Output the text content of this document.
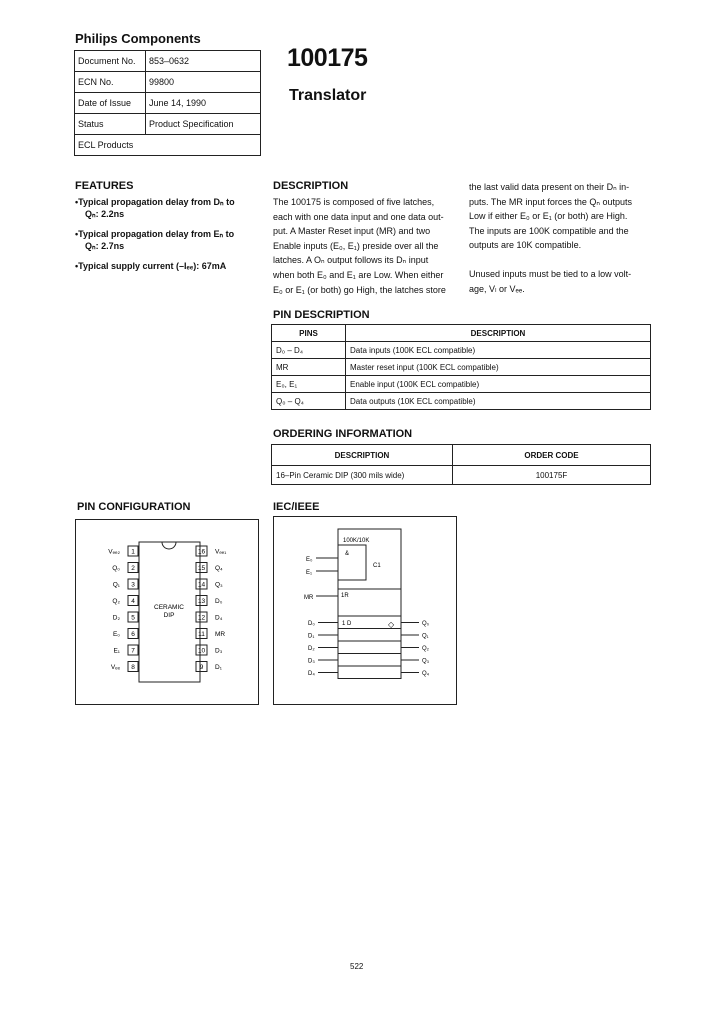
Philips Components
Document No.	853–0632
ECN No.	99800
Date of Issue	June 14, 1990
Status	Product Specification
ECL Products	
100175
Translator
FEATURES
•Typical propagation delay from Dₙ to
Qₙ: 2.2ns
•Typical propagation delay from Eₙ to
Qₙ: 2.7ns
•Typical supply current (–Iₑₑ): 67mA
DESCRIPTION
The 100175 is composed of five latches,
each with one data input and one data out-
put. A Master Reset input (MR) and two
Enable inputs (E₀, E₁) preside over all the
latches. A Oₙ output follows its Dₙ input
when both E₀ and E₁ are Low. When either
E₀ or E₁ (or both) go High, the latches store
the last valid data present on their Dₙ in-
puts. The MR input forces the Qₙ outputs
Low if either E₀ or E₁ (or both) are High.
The inputs are 100K compatible and the
outputs are 10K compatible.
Unused inputs must be tied to a low volt-
age, Vₗ or Vₑₑ.
PIN DESCRIPTION
PINS	DESCRIPTION
D₀ – D₄	Data inputs (100K ECL compatible)
MR	Master reset input (100K ECL compatible)
E₀, E₁	Enable input (100K ECL compatible)
Q₀ – Q₄	Data outputs (10K ECL compatible)
ORDERING INFORMATION
DESCRIPTION	ORDER CODE
16–Pin Ceramic DIP (300 mils wide)	100175F
PIN CONFIGURATION
CERAMIC
DIP
1
Vₑₑ₂	16 Vₑₑ₁
2
Q₀	15 Q₄
3
Q₁	14 Q₃
4
Q₂	13 D₀
5
D₂	12 D₄
6
E₀	11 MR
7
E₁	10 D₃
8
Vₑₑ	9 D₁
IEC/IEEE
100K/10K
&
C1
1R
1 D	◇
E₀
E₁
MR
D₀	Q₀
D₁	Q₁
D₂	Q₂
D₃	Q₃
D₄	Q₄
522
